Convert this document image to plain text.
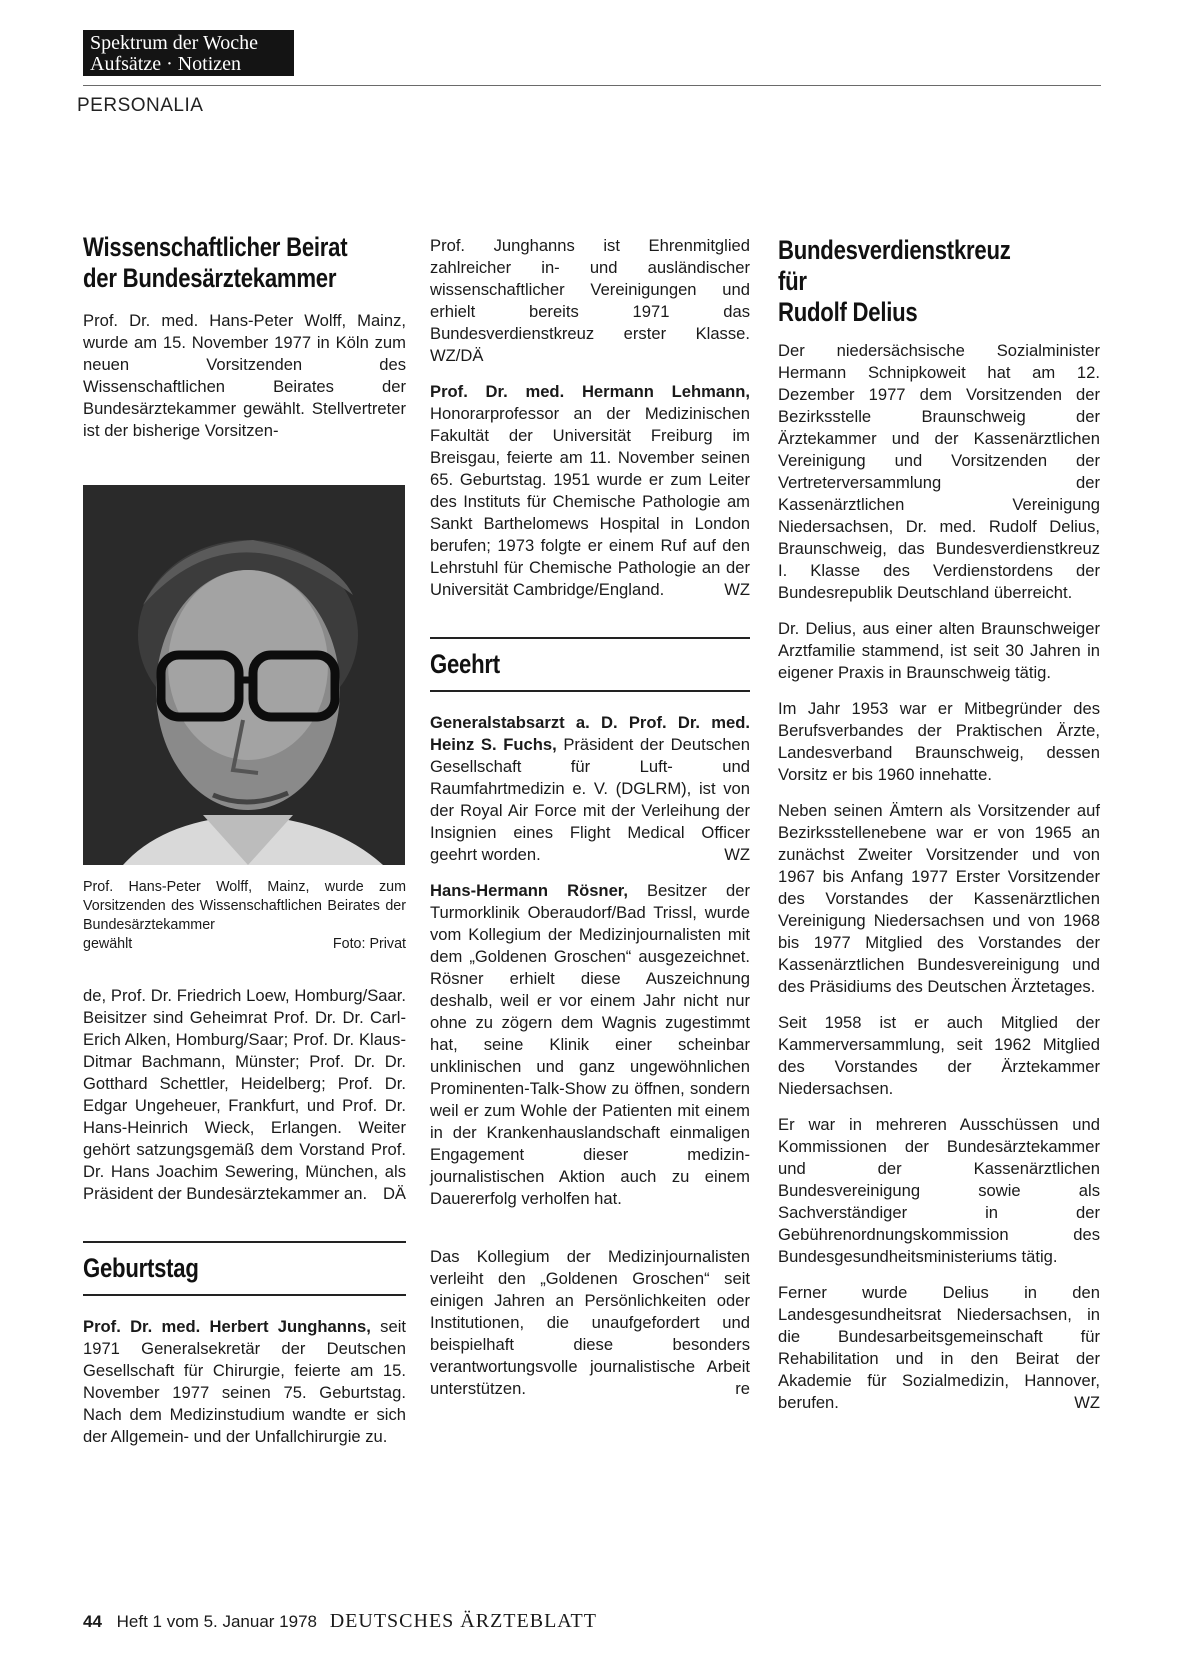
Spektrum der Woche
Aufsätze · Notizen
PERSONALIA
Wissenschaftlicher Beirat
der Bundesärztekammer

Prof. Dr. med. Hans-Peter Wolff, Mainz, wurde am 15. November 1977 in Köln zum neuen Vorsitzenden des Wissenschaftlichen Beirates der Bundesärztekammer gewählt. Stellvertreter ist der bisherige Vorsitzen-

Prof. Hans-Peter Wolff, Mainz, wurde zum Vorsitzenden des Wissenschaftlichen Beirates der Bundesärztekammer

gewählt	Foto: Privat

de, Prof. Dr. Friedrich Loew, Homburg/Saar. Beisitzer sind Geheimrat Prof. Dr. Dr. Carl-Erich Alken, Homburg/Saar; Prof. Dr. Klaus-Ditmar Bachmann, Münster; Prof. Dr. Dr. Gotthard Schettler, Heidelberg; Prof. Dr. Edgar Ungeheuer, Frankfurt, und Prof. Dr. Hans-Heinrich Wieck, Erlangen. Weiter gehört satzungsgemäß dem Vorstand Prof. Dr. Hans Joachim Sewering, München, als Präsident der Bundesärztekammer an. DÄ
Geburtstag

Prof. Dr. med. Herbert Junghanns, seit 1971 Generalsekretär der Deutschen Gesellschaft für Chirurgie, feierte am 15. November 1977 seinen 75. Geburtstag. Nach dem Medizinstudium wandte er sich der Allgemein- und der Unfallchirurgie zu.

Prof. Junghanns ist Ehrenmitglied zahlreicher in- und ausländischer wissenschaftlicher Vereinigungen und erhielt bereits 1971 das Bundesverdienstkreuz erster Klasse. WZ/DÄ

Prof. Dr. med. Hermann Lehmann, Honorarprofessor an der Medizinischen Fakultät der Universität Freiburg im Breisgau, feierte am 11. November seinen 65. Geburtstag. 1951 wurde er zum Leiter des Instituts für Chemische Pathologie am Sankt Barthelomews Hospital in London berufen; 1973 folgte er einem Ruf auf den Lehrstuhl für Chemische Pathologie an der Universität Cambridge/England.	WZ
Geehrt

Generalstabsarzt a. D. Prof. Dr. med. Heinz S. Fuchs, Präsident der Deutschen Gesellschaft für Luft- und Raumfahrtmedizin e. V. (DGLRM), ist von der Royal Air Force mit der Verleihung der Insignien eines Flight Medical Officer geehrt worden.	WZ

Hans-Hermann Rösner, Besitzer der Turmorklinik Oberaudorf/Bad Trissl, wurde vom Kollegium der Medizinjournalisten mit dem „Goldenen Groschen“ ausgezeichnet. Rösner erhielt diese Auszeichnung deshalb, weil er vor einem Jahr nicht nur ohne zu zögern dem Wagnis zugestimmt hat, seine Klinik einer scheinbar unklinischen und ganz ungewöhnlichen Prominenten-Talk-Show zu öffnen, sondern weil er zum Wohle der Patienten mit einem in der Krankenhauslandschaft einmaligen Engagement dieser medizin-journalistischen Aktion auch zu einem Dauererfolg verholfen hat.

Das Kollegium der Medizinjournalisten verleiht den „Goldenen Groschen“ seit einigen Jahren an Persönlichkeiten oder Institutionen, die unaufgefordert und beispielhaft diese besonders verantwortungsvolle journalistische Arbeit unterstützen.	re
Bundesverdienstkreuz
für
Rudolf Delius

Der niedersächsische Sozialminister Hermann Schnipkoweit hat am 12. Dezember 1977 dem Vorsitzenden der Bezirksstelle Braunschweig der Ärztekammer und der Kassenärztlichen Vereinigung und Vorsitzenden der Vertreterversammlung der Kassenärztlichen Vereinigung Niedersachsen, Dr. med. Rudolf Delius, Braunschweig, das Bundesverdienstkreuz I. Klasse des Verdienstordens der Bundesrepublik Deutschland überreicht.

Dr. Delius, aus einer alten Braunschweiger Arztfamilie stammend, ist seit 30 Jahren in eigener Praxis in Braunschweig tätig.

Im Jahr 1953 war er Mitbegründer des Berufsverbandes der Praktischen Ärzte, Landesverband Braunschweig, dessen Vorsitz er bis 1960 innehatte.

Neben seinen Ämtern als Vorsitzender auf Bezirksstellenebene war er von 1965 an zunächst Zweiter Vorsitzender und von 1967 bis Anfang 1977 Erster Vorsitzender des Vorstandes der Kassenärztlichen Vereinigung Niedersachsen und von 1968 bis 1977 Mitglied des Vorstandes der Kassenärztlichen Bundesvereinigung und des Präsidiums des Deutschen Ärztetages.

Seit 1958 ist er auch Mitglied der Kammerversammlung, seit 1962 Mitglied des Vorstandes der Ärztekammer Niedersachsen.

Er war in mehreren Ausschüssen und Kommissionen der Bundesärztekammer und der Kassenärztlichen Bundesvereinigung sowie als Sachverständiger in der Gebührenordnungskommission des Bundesgesundheitsministeriums tätig.

Ferner wurde Delius in den Landesgesundheitsrat Niedersachsen, in die Bundesarbeitsgemeinschaft für Rehabilitation und in den Beirat der Akademie für Sozialmedizin, Hannover, berufen.	WZ
44 Heft 1 vom 5. Januar 1978 DEUTSCHES ÄRZTEBLATT
